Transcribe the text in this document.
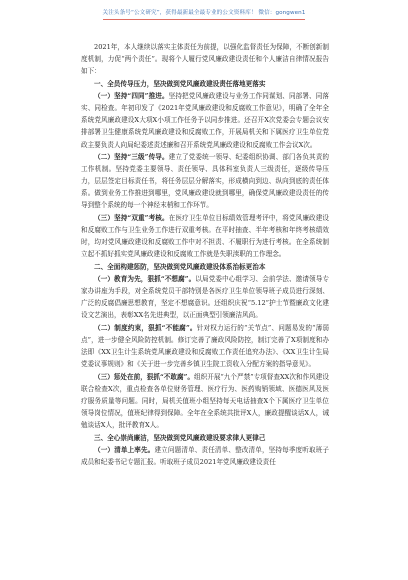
关注头条号“公文研究”，获得最新最全最专业的公文资料库！ 微信：gongwen1

2021年，本人继续以落实主体责任为前提，以强化监督责任为保障，不断创新制度机制，力促“两个责任”。现将个人履行党风廉政建设责任和个人廉洁自律情况报告如下：

一、全员传导压力，坚决做到党风廉政建设责任落地更落实

（一）坚持“四同”推进。坚持把党风廉政建设与业务工作同谋划、同部署、同落实、同检查。年初印发了《2021年党风廉政建设和反腐败工作意见》，明确了全年全系统党风廉政建设X大项X小项工作任务予以同步推进。还召开X次党委会专题会议安排部署卫生健康系统党风廉政建设和反腐败工作，开展局机关和下属医疗卫生单位党政主要负责人向局纪委述责述廉和召开系统党风廉政建设和反腐败工作会议X次。

（二）坚持“三级”传导。建立了党委统一领导、纪委组织协调、部门各负其责的工作机制。坚持党委主要领导、责任领导、具体科室负责人三级责任，逐级传导压力，层层签定目标责任书，将任务层层分解落实，形成横向到边、纵向到底的责任体系。做到业务工作推进到哪里，党风廉政建设就到哪里，确保党风廉政建设责任的传导到整个系统的每一个神经末梢和工作环节。

（三）坚持“双重”考核。在医疗卫生单位目标绩效管理考评中，将党风廉政建设和反腐败工作与卫生业务工作进行双重考核。在平时抽查、半年考核和年终考核绩效时，均对党风廉政建设和反腐败工作中对不担责、不履职行为进行考核。在全系统制立起不抓好抓实党风廉政建设和反腐败工作就是失职渎职的工作理念。

二、全面构建惩防，坚决做到党风廉政建设体系治标更治本

（一）教育为先，狠抓“不想腐”。以局党委中心组学习、会前学法、邀请领导专家办讲座为手段，对全系统党员干部特别是各医疗卫生单位领导班子成员进行深刻、广泛的反腐倡廉思想教育，坚定不想腐意识。还组织庆祝“5.12”护士节暨廉政文化建设文艺演出，表彰XX名先进典型，以正面典型引领廉洁风尚。

（二）制度约束，狠抓“不能腐”。针对权力运行的“关节点”、问题易发的“薄弱点”，进一步健全风险防控机制。修订完善了廉政风险防控，制订完善了X项制度和办法即《XX卫生计生系统党风廉政建设和反腐败工作责任追究办法》、《XX卫生计生局党委议事规则》和《关于进一步完善乡镇卫生院工资收入分配方案的指导意见》。

（三）惩处在前，狠抓“不敢腐”。组织开展“九个严禁”专项督查XX次和作风建设联合检查X次，重点检查各单位财务管理、医疗行为、医药购销领域、医德医风及医疗服务质量等问题。同时，局机关值班小组坚持每天电话抽查X个下属医疗卫生单位领导岗位情况，值班纪律得到保障。全年在全系统共批评X人，廉政提醒谈话X人，诫勉谈话X人，批评教育X人。

三、全心崇尚廉洁，坚决做到党风廉政建设要求律人更律己

（一）清单上率先。建立问题清单、责任清单、整改清单，坚持每季度听取班子成员和纪委书记专题汇报。听取班子成员2021年党风廉政建设责任
